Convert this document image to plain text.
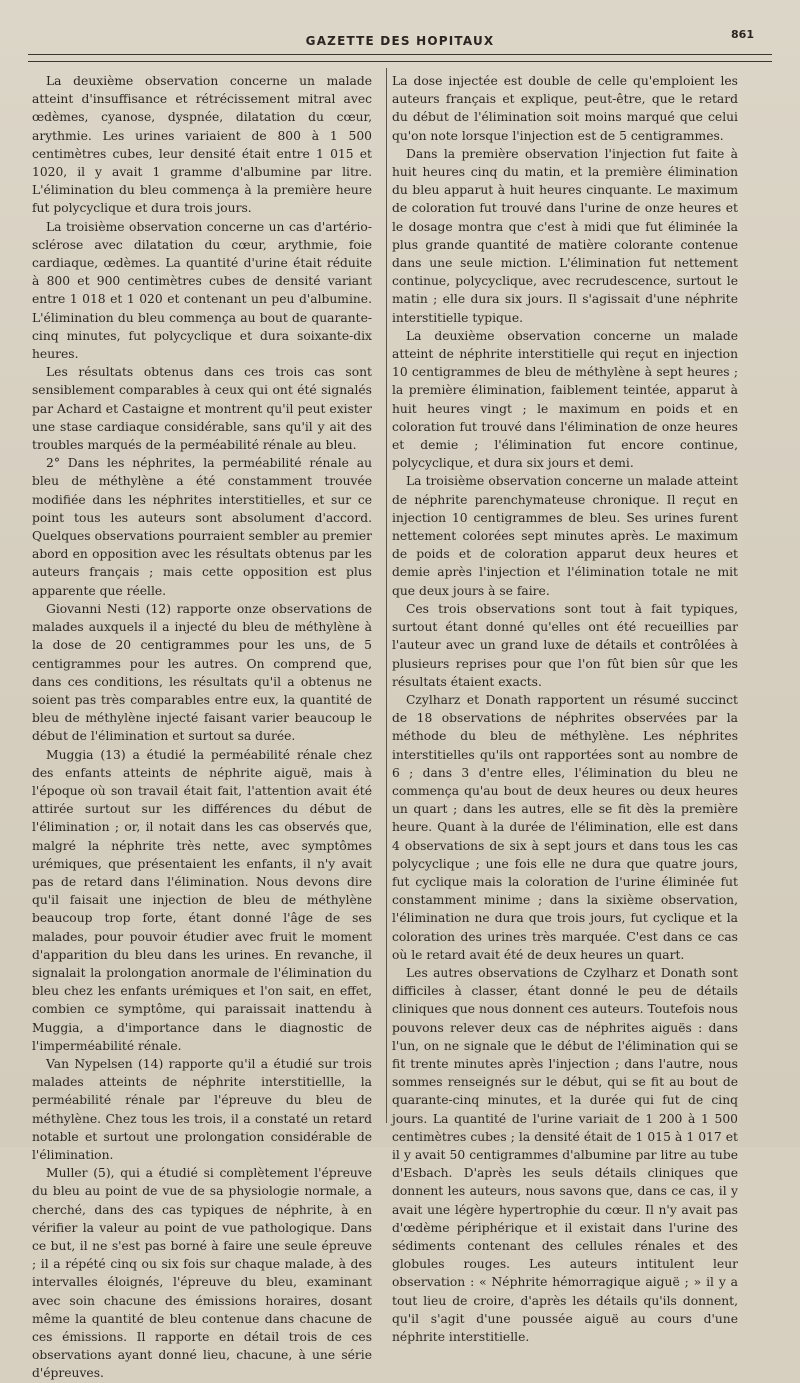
GAZETTE DES HOPITAUX	861

La deuxième observation concerne un malade atteint d'insuffisance et rétrécissement mitral avec œdèmes, cyanose, dyspnée, dilatation du cœur, arythmie. Les urines variaient de 800 à 1 500 centimètres cubes, leur densité était entre 1 015 et 1020, il y avait 1 gramme d'albumine par litre. L'élimination du bleu commença à la première heure fut polycyclique et dura trois jours.

La troisième observation concerne un cas d'artério-sclérose avec dilatation du cœur, arythmie, foie cardiaque, œdèmes. La quantité d'urine était réduite à 800 et 900 centimètres cubes de densité variant entre 1 018 et 1 020 et contenant un peu d'albumine. L'élimination du bleu commença au bout de quarante-cinq minutes, fut polycyclique et dura soixante-dix heures.

Les résultats obtenus dans ces trois cas sont sensiblement comparables à ceux qui ont été signalés par Achard et Castaigne et montrent qu'il peut exister une stase cardiaque considérable, sans qu'il y ait des troubles marqués de la perméabilité rénale au bleu.

2° Dans les néphrites, la perméabilité rénale au bleu de méthylène a été constamment trouvée modifiée dans les néphrites interstitielles, et sur ce point tous les auteurs sont absolument d'accord. Quelques observations pourraient sembler au premier abord en opposition avec les résultats obtenus par les auteurs français ; mais cette opposition est plus apparente que réelle.

Giovanni Nesti (12) rapporte onze observations de malades auxquels il a injecté du bleu de méthylène à la dose de 20 centigrammes pour les uns, de 5 centigrammes pour les autres. On comprend que, dans ces conditions, les résultats qu'il a obtenus ne soient pas très comparables entre eux, la quantité de bleu de méthylène injecté faisant varier beaucoup le début de l'élimination et surtout sa durée.

Muggia (13) a étudié la perméabilité rénale chez des enfants atteints de néphrite aiguë, mais à l'époque où son travail était fait, l'attention avait été attirée surtout sur les différences du début de l'élimination ; or, il notait dans les cas observés que, malgré la néphrite très nette, avec symptômes urémiques, que présentaient les enfants, il n'y avait pas de retard dans l'élimination. Nous devons dire qu'il faisait une injection de bleu de méthylène beaucoup trop forte, étant donné l'âge de ses malades, pour pouvoir étudier avec fruit le moment d'apparition du bleu dans les urines. En revanche, il signalait la prolongation anormale de l'élimination du bleu chez les enfants urémiques et l'on sait, en effet, combien ce symptôme, qui paraissait inattendu à Muggia, a d'importance dans le diagnostic de l'imperméabilité rénale.

Van Nypelsen (14) rapporte qu'il a étudié sur trois malades atteints de néphrite interstitiellle, la perméabilité rénale par l'épreuve du bleu de méthylène. Chez tous les trois, il a constaté un retard notable et surtout une prolongation considérable de l'élimination.

Muller (5), qui a étudié si complètement l'épreuve du bleu au point de vue de sa physiologie normale, a cherché, dans des cas typiques de néphrite, à en vérifier la valeur au point de vue pathologique. Dans ce but, il ne s'est pas borné à faire une seule épreuve ; il a répété cinq ou six fois sur chaque malade, à des intervalles éloignés, l'épreuve du bleu, examinant avec soin chacune des émissions horaires, dosant même la quantité de bleu contenue dans chacune de ces émissions. Il rapporte en détail trois de ces observations ayant donné lieu, chacune, à une série d'épreuves.

La dose injectée est double de celle qu'emploient les auteurs français et explique, peut-être, que le retard du début de l'élimination soit moins marqué que celui qu'on note lorsque l'injection est de 5 centigrammes.

Dans la première observation l'injection fut faite à huit heures cinq du matin, et la première élimination du bleu apparut à huit heures cinquante. Le maximum de coloration fut trouvé dans l'urine de onze heures et le dosage montra que c'est à midi que fut éliminée la plus grande quantité de matière colorante contenue dans une seule miction. L'élimination fut nettement continue, polycyclique, avec recrudescence, surtout le matin ; elle dura six jours. Il s'agissait d'une néphrite interstitielle typique.

La deuxième observation concerne un malade atteint de néphrite interstitielle qui reçut en injection 10 centigrammes de bleu de méthylène à sept heures ; la première élimination, faiblement teintée, apparut à huit heures vingt ; le maximum en poids et en coloration fut trouvé dans l'élimination de onze heures et demie ; l'élimination fut encore continue, polycyclique, et dura six jours et demi.

La troisième observation concerne un malade atteint de néphrite parenchymateuse chronique. Il reçut en injection 10 centigrammes de bleu. Ses urines furent nettement colorées sept minutes après. Le maximum de poids et de coloration apparut deux heures et demie après l'injection et l'élimination totale ne mit que deux jours à se faire.

Ces trois observations sont tout à fait typiques, surtout étant donné qu'elles ont été recueillies par l'auteur avec un grand luxe de détails et contrôlées à plusieurs reprises pour que l'on fût bien sûr que les résultats étaient exacts.

Czylharz et Donath rapportent un résumé succinct de 18 observations de néphrites observées par la méthode du bleu de méthylène. Les néphrites interstitielles qu'ils ont rapportées sont au nombre de 6 ; dans 3 d'entre elles, l'élimination du bleu ne commença qu'au bout de deux heures ou deux heures un quart ; dans les autres, elle se fit dès la première heure. Quant à la durée de l'élimination, elle est dans 4 observations de six à sept jours et dans tous les cas polycyclique ; une fois elle ne dura que quatre jours, fut cyclique mais la coloration de l'urine éliminée fut constamment minime ; dans la sixième observation, l'élimination ne dura que trois jours, fut cyclique et la coloration des urines très marquée. C'est dans ce cas où le retard avait été de deux heures un quart.

Les autres observations de Czylharz et Donath sont difficiles à classer, étant donné le peu de détails cliniques que nous donnent ces auteurs. Toutefois nous pouvons relever deux cas de néphrites aiguës : dans l'un, on ne signale que le début de l'élimination qui se fit trente minutes après l'injection ; dans l'autre, nous sommes renseignés sur le début, qui se fit au bout de quarante-cinq minutes, et la durée qui fut de cinq jours. La quantité de l'urine variait de 1 200 à 1 500 centimètres cubes ; la densité était de 1 015 à 1 017 et il y avait 50 centigrammes d'albumine par litre au tube d'Esbach. D'après les seuls détails cliniques que donnent les auteurs, nous savons que, dans ce cas, il y avait une légère hypertrophie du cœur. Il n'y avait pas d'œdème périphérique et il existait dans l'urine des sédiments contenant des cellules rénales et des globules rouges. Les auteurs intitulent leur observation : « Néphrite hémorragique aiguë ; » il y a tout lieu de croire, d'après les détails qu'ils donnent, qu'il s'agit d'une poussée aiguë au cours d'une néphrite interstitielle.
